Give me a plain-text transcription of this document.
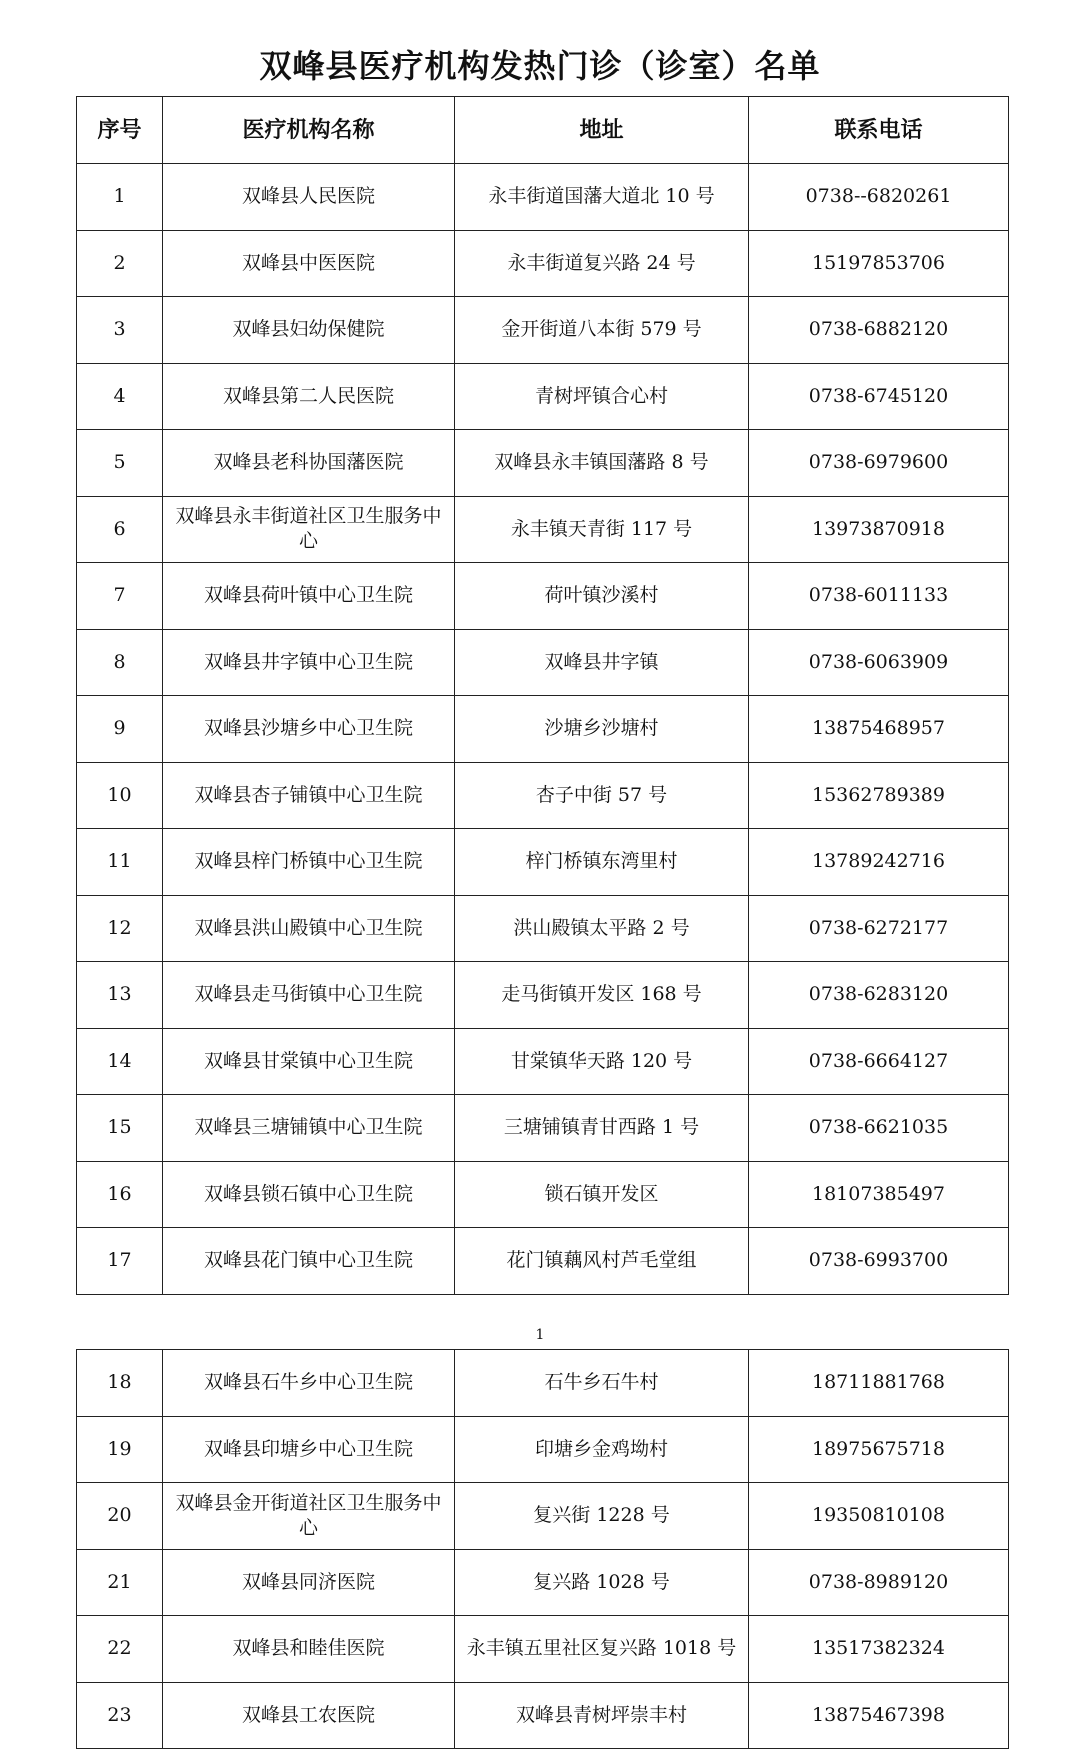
双峰县医疗机构发热门诊（诊室）名单
序号	医疗机构名称	地址	联系电话
1	双峰县人民医院	永丰街道国藩大道北 10 号	0738--6820261
2	双峰县中医医院	永丰街道复兴路 24 号	15197853706
3	双峰县妇幼保健院	金开街道八本街 579 号	0738-6882120
4	双峰县第二人民医院	青树坪镇合心村	0738-6745120
5	双峰县老科协国藩医院	双峰县永丰镇国藩路 8 号	0738-6979600
6	双峰县永丰街道社区卫生服务中心	永丰镇天青街 117 号	13973870918
7	双峰县荷叶镇中心卫生院	荷叶镇沙溪村	0738-6011133
8	双峰县井字镇中心卫生院	双峰县井字镇	0738-6063909
9	双峰县沙塘乡中心卫生院	沙塘乡沙塘村	13875468957
10	双峰县杏子铺镇中心卫生院	杏子中街 57 号	15362789389
11	双峰县梓门桥镇中心卫生院	梓门桥镇东湾里村	13789242716
12	双峰县洪山殿镇中心卫生院	洪山殿镇太平路 2 号	0738-6272177
13	双峰县走马街镇中心卫生院	走马街镇开发区 168 号	0738-6283120
14	双峰县甘棠镇中心卫生院	甘棠镇华天路 120 号	0738-6664127
15	双峰县三塘铺镇中心卫生院	三塘铺镇青甘西路 1 号	0738-6621035
16	双峰县锁石镇中心卫生院	锁石镇开发区	18107385497
17	双峰县花门镇中心卫生院	花门镇藕风村芦毛堂组	0738-6993700
1
18	双峰县石牛乡中心卫生院	石牛乡石牛村	18711881768
19	双峰县印塘乡中心卫生院	印塘乡金鸡坳村	18975675718
20	双峰县金开街道社区卫生服务中心	复兴街 1228 号	19350810108
21	双峰县同济医院	复兴路 1028 号	0738-8989120
22	双峰县和睦佳医院	永丰镇五里社区复兴路 1018 号	13517382324
23	双峰县工农医院	双峰县青树坪崇丰村	13875467398
